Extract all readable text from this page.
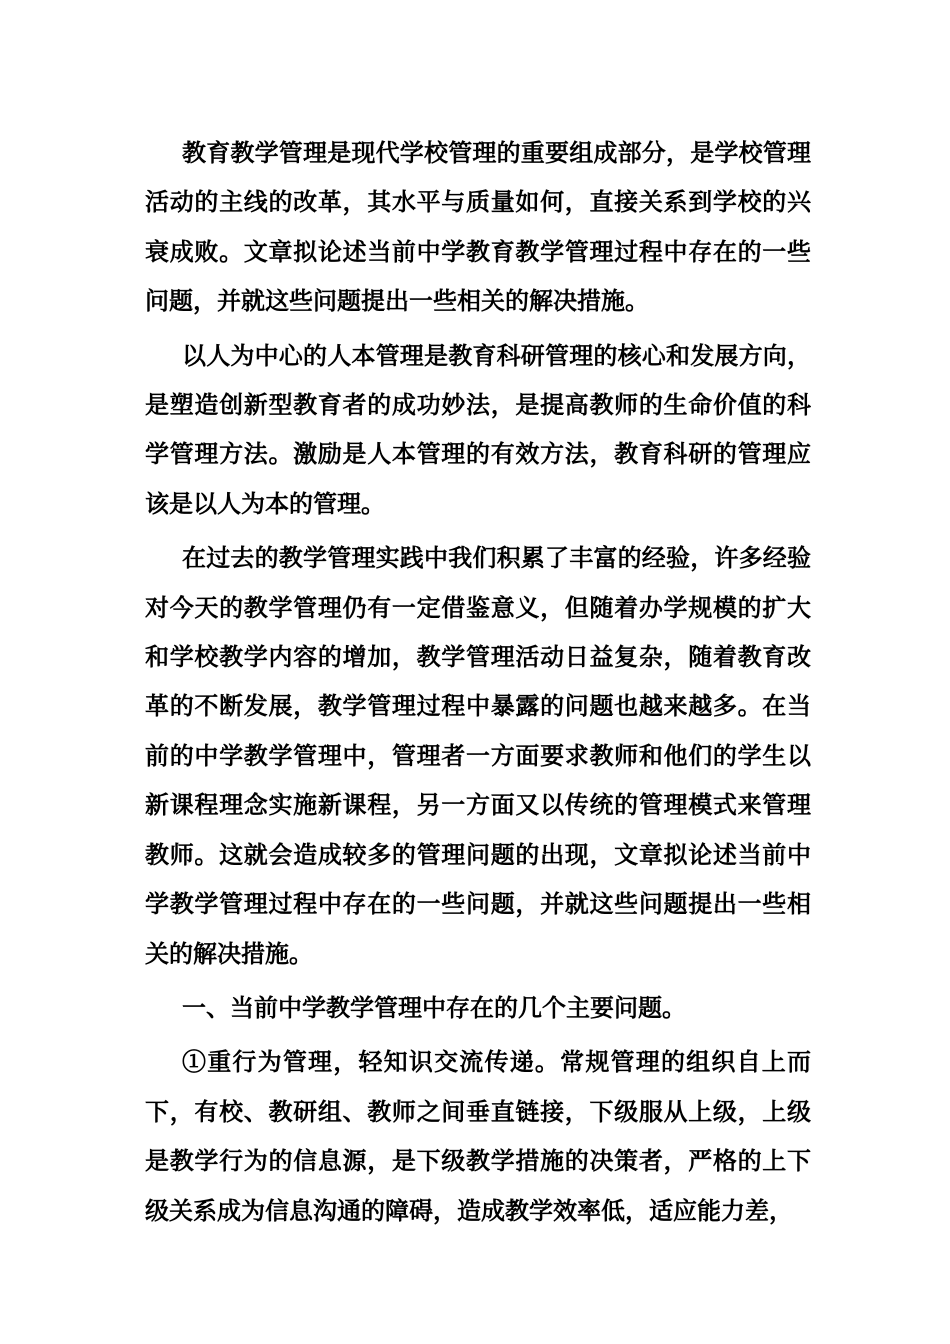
教育教学管理是现代学校管理的重要组成部分，是学校管理活动的主线的改革，其水平与质量如何，直接关系到学校的兴衰成败。文章拟论述当前中学教育教学管理过程中存在的一些问题，并就这些问题提出一些相关的解决措施。

以人为中心的人本管理是教育科研管理的核心和发展方向，是塑造创新型教育者的成功妙法，是提高教师的生命价值的科学管理方法。激励是人本管理的有效方法，教育科研的管理应该是以人为本的管理。

在过去的教学管理实践中我们积累了丰富的经验，许多经验对今天的教学管理仍有一定借鉴意义，但随着办学规模的扩大和学校教学内容的增加，教学管理活动日益复杂，随着教育改革的不断发展，教学管理过程中暴露的问题也越来越多。在当前的中学教学管理中，管理者一方面要求教师和他们的学生以新课程理念实施新课程，另一方面又以传统的管理模式来管理教师。这就会造成较多的管理问题的出现，文章拟论述当前中学教学管理过程中存在的一些问题，并就这些问题提出一些相关的解决措施。

一、当前中学教学管理中存在的几个主要问题。

①重行为管理，轻知识交流传递。常规管理的组织自上而下，有校、教研组、教师之间垂直链接，下级服从上级，上级是教学行为的信息源，是下级教学措施的决策者，严格的上下级关系成为信息沟通的障碍，造成教学效率低，适应能力差，
